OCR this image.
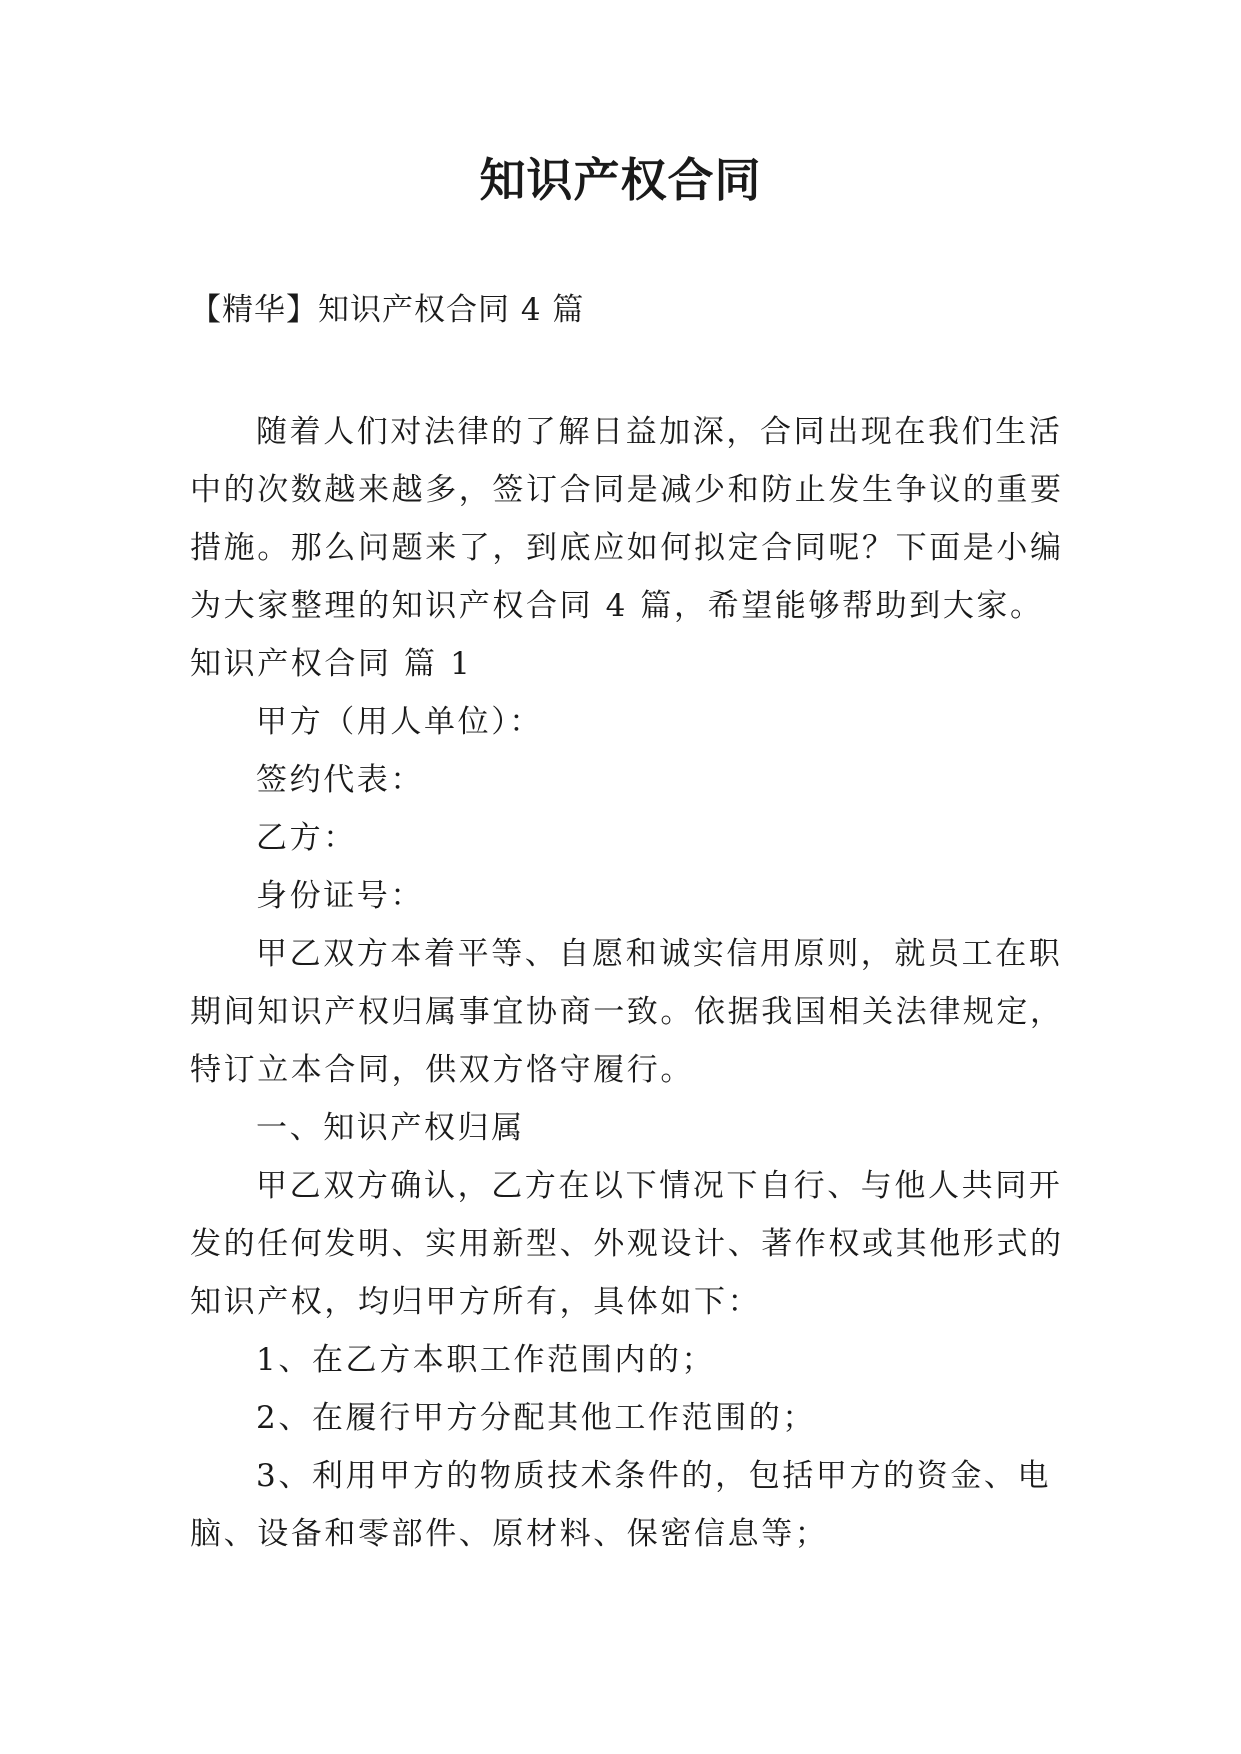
知识产权合同
【精华】知识产权合同 4 篇
随着人们对法律的了解日益加深，合同出现在我们生活
中的次数越来越多，签订合同是减少和防止发生争议的重要
措施。那么问题来了，到底应如何拟定合同呢？下面是小编
为大家整理的知识产权合同 4 篇，希望能够帮助到大家。
知识产权合同 篇 1
甲方（用人单位）：
签约代表：
乙方：
身份证号：
甲乙双方本着平等、自愿和诚实信用原则，就员工在职
期间知识产权归属事宜协商一致。依据我国相关法律规定，
特订立本合同，供双方恪守履行。
一、知识产权归属
甲乙双方确认，乙方在以下情况下自行、与他人共同开
发的任何发明、实用新型、外观设计、著作权或其他形式的
知识产权，均归甲方所有，具体如下：
1、在乙方本职工作范围内的；
2、在履行甲方分配其他工作范围的；
3、利用甲方的物质技术条件的，包括甲方的资金、电
脑、设备和零部件、原材料、保密信息等；
